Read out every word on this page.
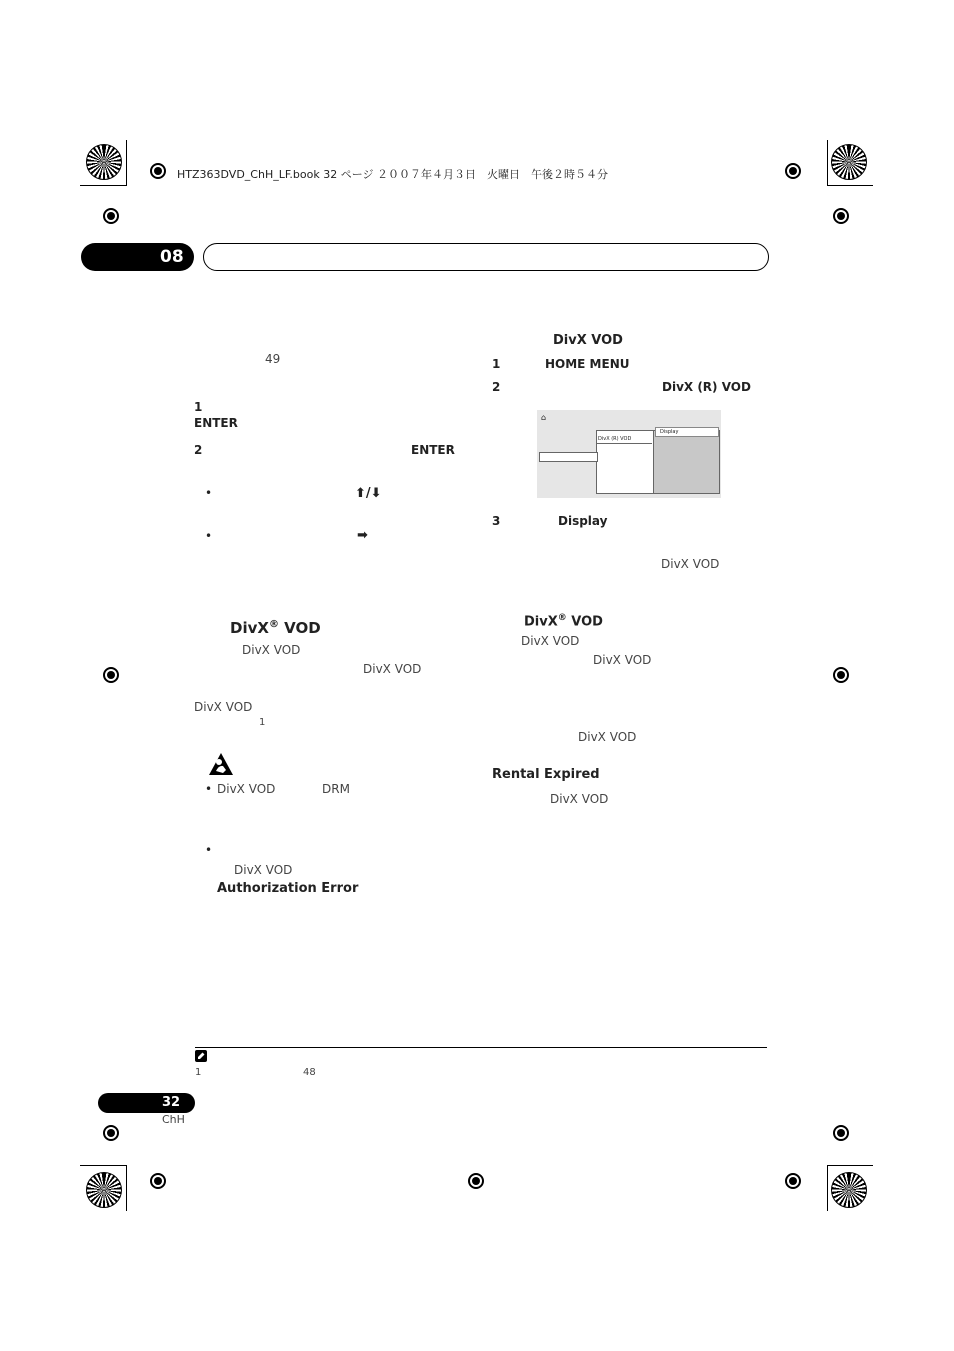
HTZ363DVD_ChH_LF.book 32 ページ ２００７年４月３日　火曜日　午後２時５４分
08
49
1
ENTER
2	ENTER
•	⬆/⬇
•	➡
DivX® VOD
DivX VOD
DivX VOD
DivX VOD
1
• DivX VOD	DRM
•
DivX VOD
Authorization Error
DivX VOD
1	HOME MENU
2	DivX (R) VOD
⌂
Display
DivX (R) VOD
3	Display
DivX VOD
DivX® VOD
DivX VOD
DivX VOD
DivX VOD
Rental Expired
DivX VOD
1	48
32
ChH
